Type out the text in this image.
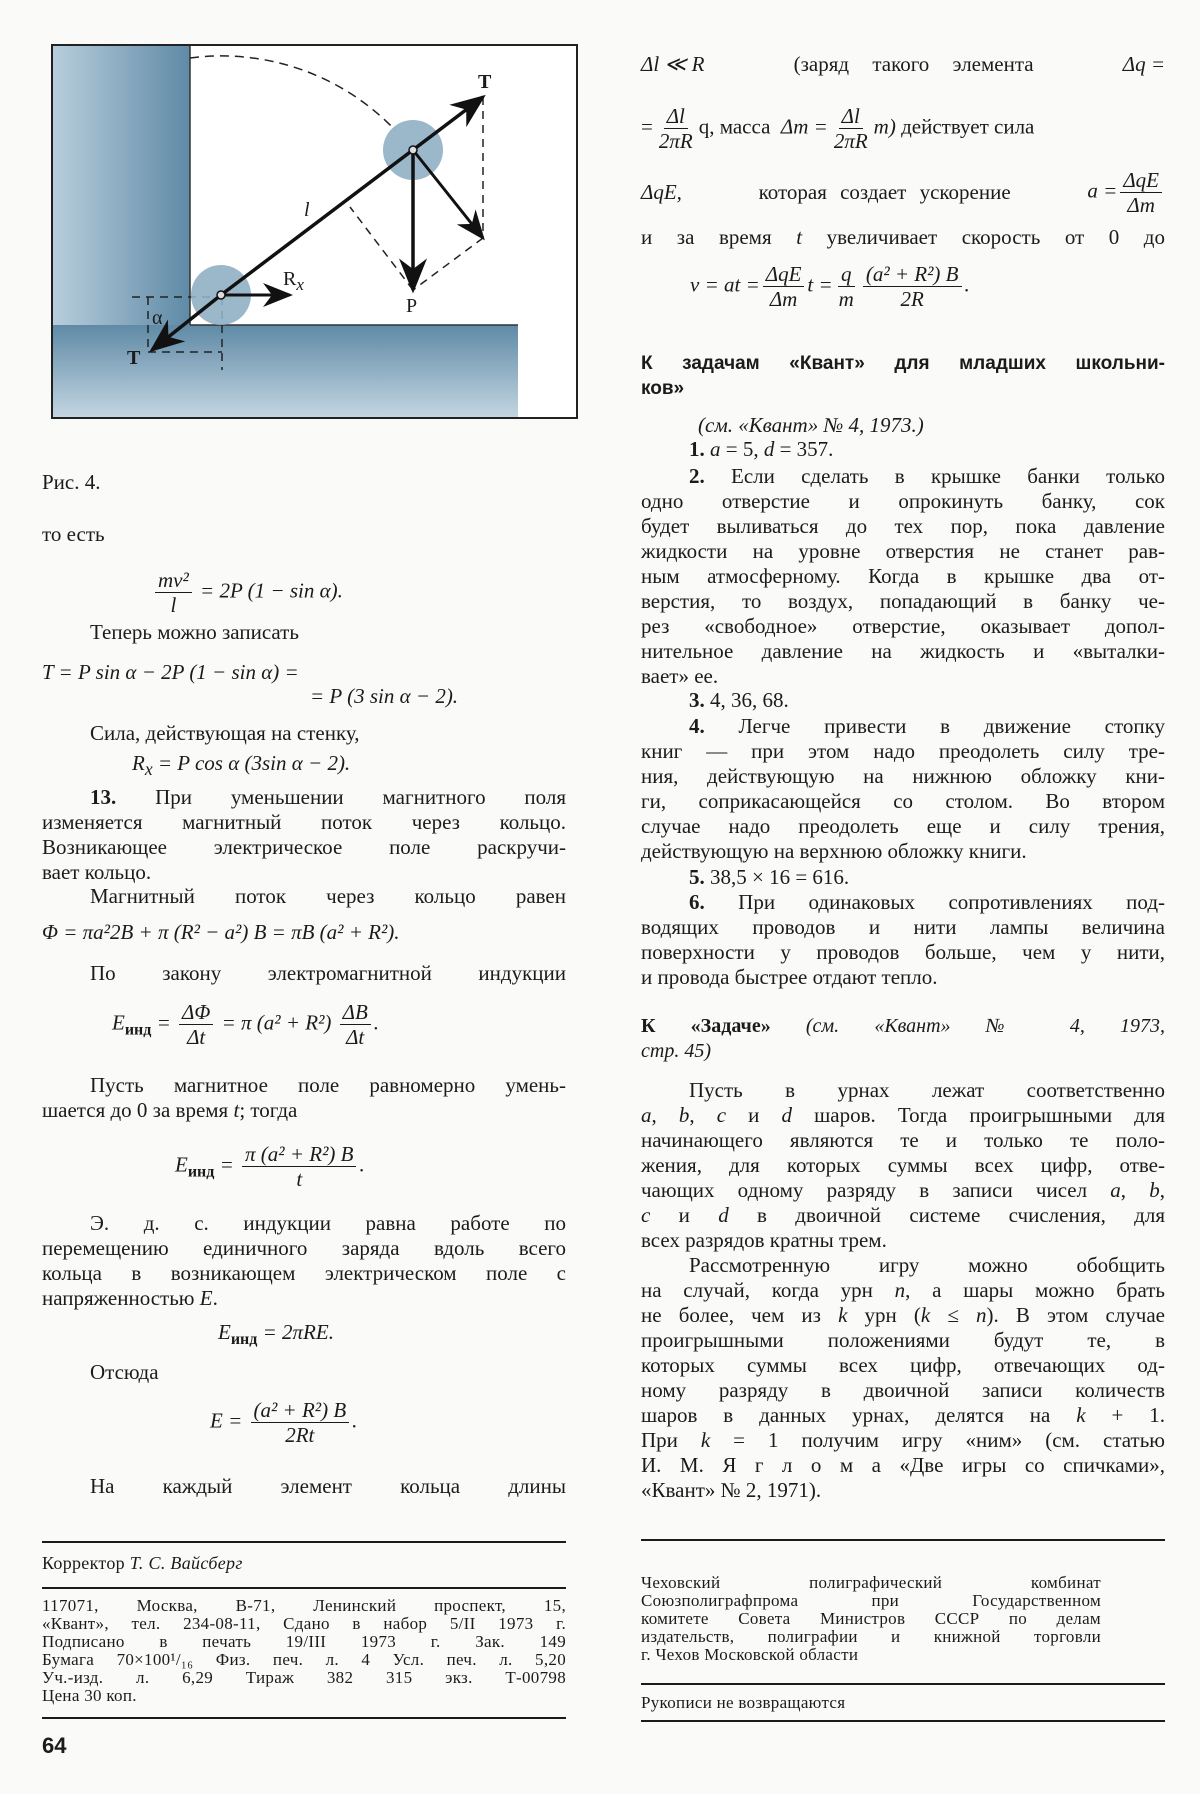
T
$R_x$
l
P
α
T
Рис. 4.
то есть
$\frac{\text{mv²}}{l} = 2P$ (1 − sin α).
Теперь можно записать
T = P sin α − 2P (1 − sin α) =
= P (3 sin α − 2).
Сила, действующая на стенку,
$R_x = P$ cos α (3sin α − 2).
13. При уменьшении магнитного поля
изменяется магнитный поток через кольцо.
Возникающее электрическое поле раскручи-
вает кольцо.
Магнитный поток через кольцо равен
Φ = πa²2B + π (R² − a²) B = πB (a² + R²).
По закону электромагнитной индукции
$E_{инд} = \frac{\Delta\Phi}{\Delta t} = \pi$ $(a^2 + R^2) \frac{\Delta B}{\Delta t}$ .
Пусть магнитное поле равномерно умень-
шается до 0 за время t; тогда
$E_{инд} = \frac{\text{π (a² + R²) B}}{t}$ .
Э. д. с. индукции равна работе по
перемещению единичного заряда вдоль всего
кольца в возникающем электрическом поле с
напряженностью E.
$E_{инд} = 2\pi RE$.
Отсюда
$E = \frac{\text{(a² + R²) B}}{2Rt}$ .
На каждый элемент кольца длины
Δl ≪ R	(заряд такого элемента	Δq =
= $\frac{\Delta l}{2\pi R} q$, масса $\Delta m = \frac{\Delta l}{2\pi R} m$) действует сила
ΔqE,	которая создает ускорение	$a = \frac{\text{ΔqE}}{\Delta m}$
и за время t увеличивает скорость от 0 до
v = at = $\frac{\text{ΔqE}}{\Delta m}$ $t = \frac{q}{m} \frac{\text{(a² + R²) B}}{2R}$ .
К задачам «Квант» для младших школьни-
ков»
(см. «Квант» № 4, 1973.)
1. a = 5, d = 357.
2. Если сделать в крышке банки только
одно отверстие и опрокинуть банку, сок
будет выливаться до тех пор, пока давление
жидкости на уровне отверстия не станет рав-
ным атмосферному. Когда в крышке два от-
верстия, то воздух, попадающий в банку че-
рез «свободное» отверстие, оказывает допол-
нительное давление на жидкость и «выталки-
вает» ее.
3. 4, 36, 68.
4. Легче привести в движение стопку
книг — при этом надо преодолеть силу тре-
ния, действующую на нижнюю обложку кни-
ги, соприкасающейся со столом. Во втором
случае надо преодолеть еще и силу трения,
действующую на верхнюю обложку книги.
5. 38,5 × 16 = 616.
6. При одинаковых сопротивлениях под-
водящих проводов и нити лампы величина
поверхности у проводов больше, чем у нити,
и провода быстрее отдают тепло.
К «Задаче» (см. «Квант» № 4, 1973,
стр. 45)
Пусть в урнах лежат соответственно
a, b, c и d шаров. Тогда проигрышными для
начинающего являются те и только те поло-
жения, для которых суммы всех цифр, отве-
чающих одному разряду в записи чисел a, b,
c и d в двоичной системе счисления, для
всех разрядов кратны трем.
Рассмотренную игру можно обобщить
на случай, когда урн n, а шары можно брать
не более, чем из k урн (k ≤ n). В этом случае
проигрышными положениями будут те, в
которых суммы всех цифр, отвечающих од-
ному разряду в двоичной записи количеств
шаров в данных урнах, делятся на k + 1.
При k = 1 получим игру «ним» (см. статью
И. М. Я г л о м а «Две игры со спичками»,
«Квант» № 2, 1971).
Корректор Т. С. Вайсберг
117071, Москва, В-71, Ленинский проспект, 15,
«Квант», тел. 234-08-11, Сдано в набор 5/II 1973 г.
Подписано в печать 19/III 1973 г. Зак. 149
Бумага 70×100¹/₁₆ Физ. печ. л. 4 Усл. печ. л. 5,20
Уч.-изд. л. 6,29 Тираж 382 315 экз. Т-00798
Цена 30 коп.
64
Чеховский полиграфический комбинат
Союзполиграфпрома при Государственном
комитете Совета Министров СССР по делам
издательств, полиграфии и книжной торговли
г. Чехов Московской области
Рукописи не возвращаются
